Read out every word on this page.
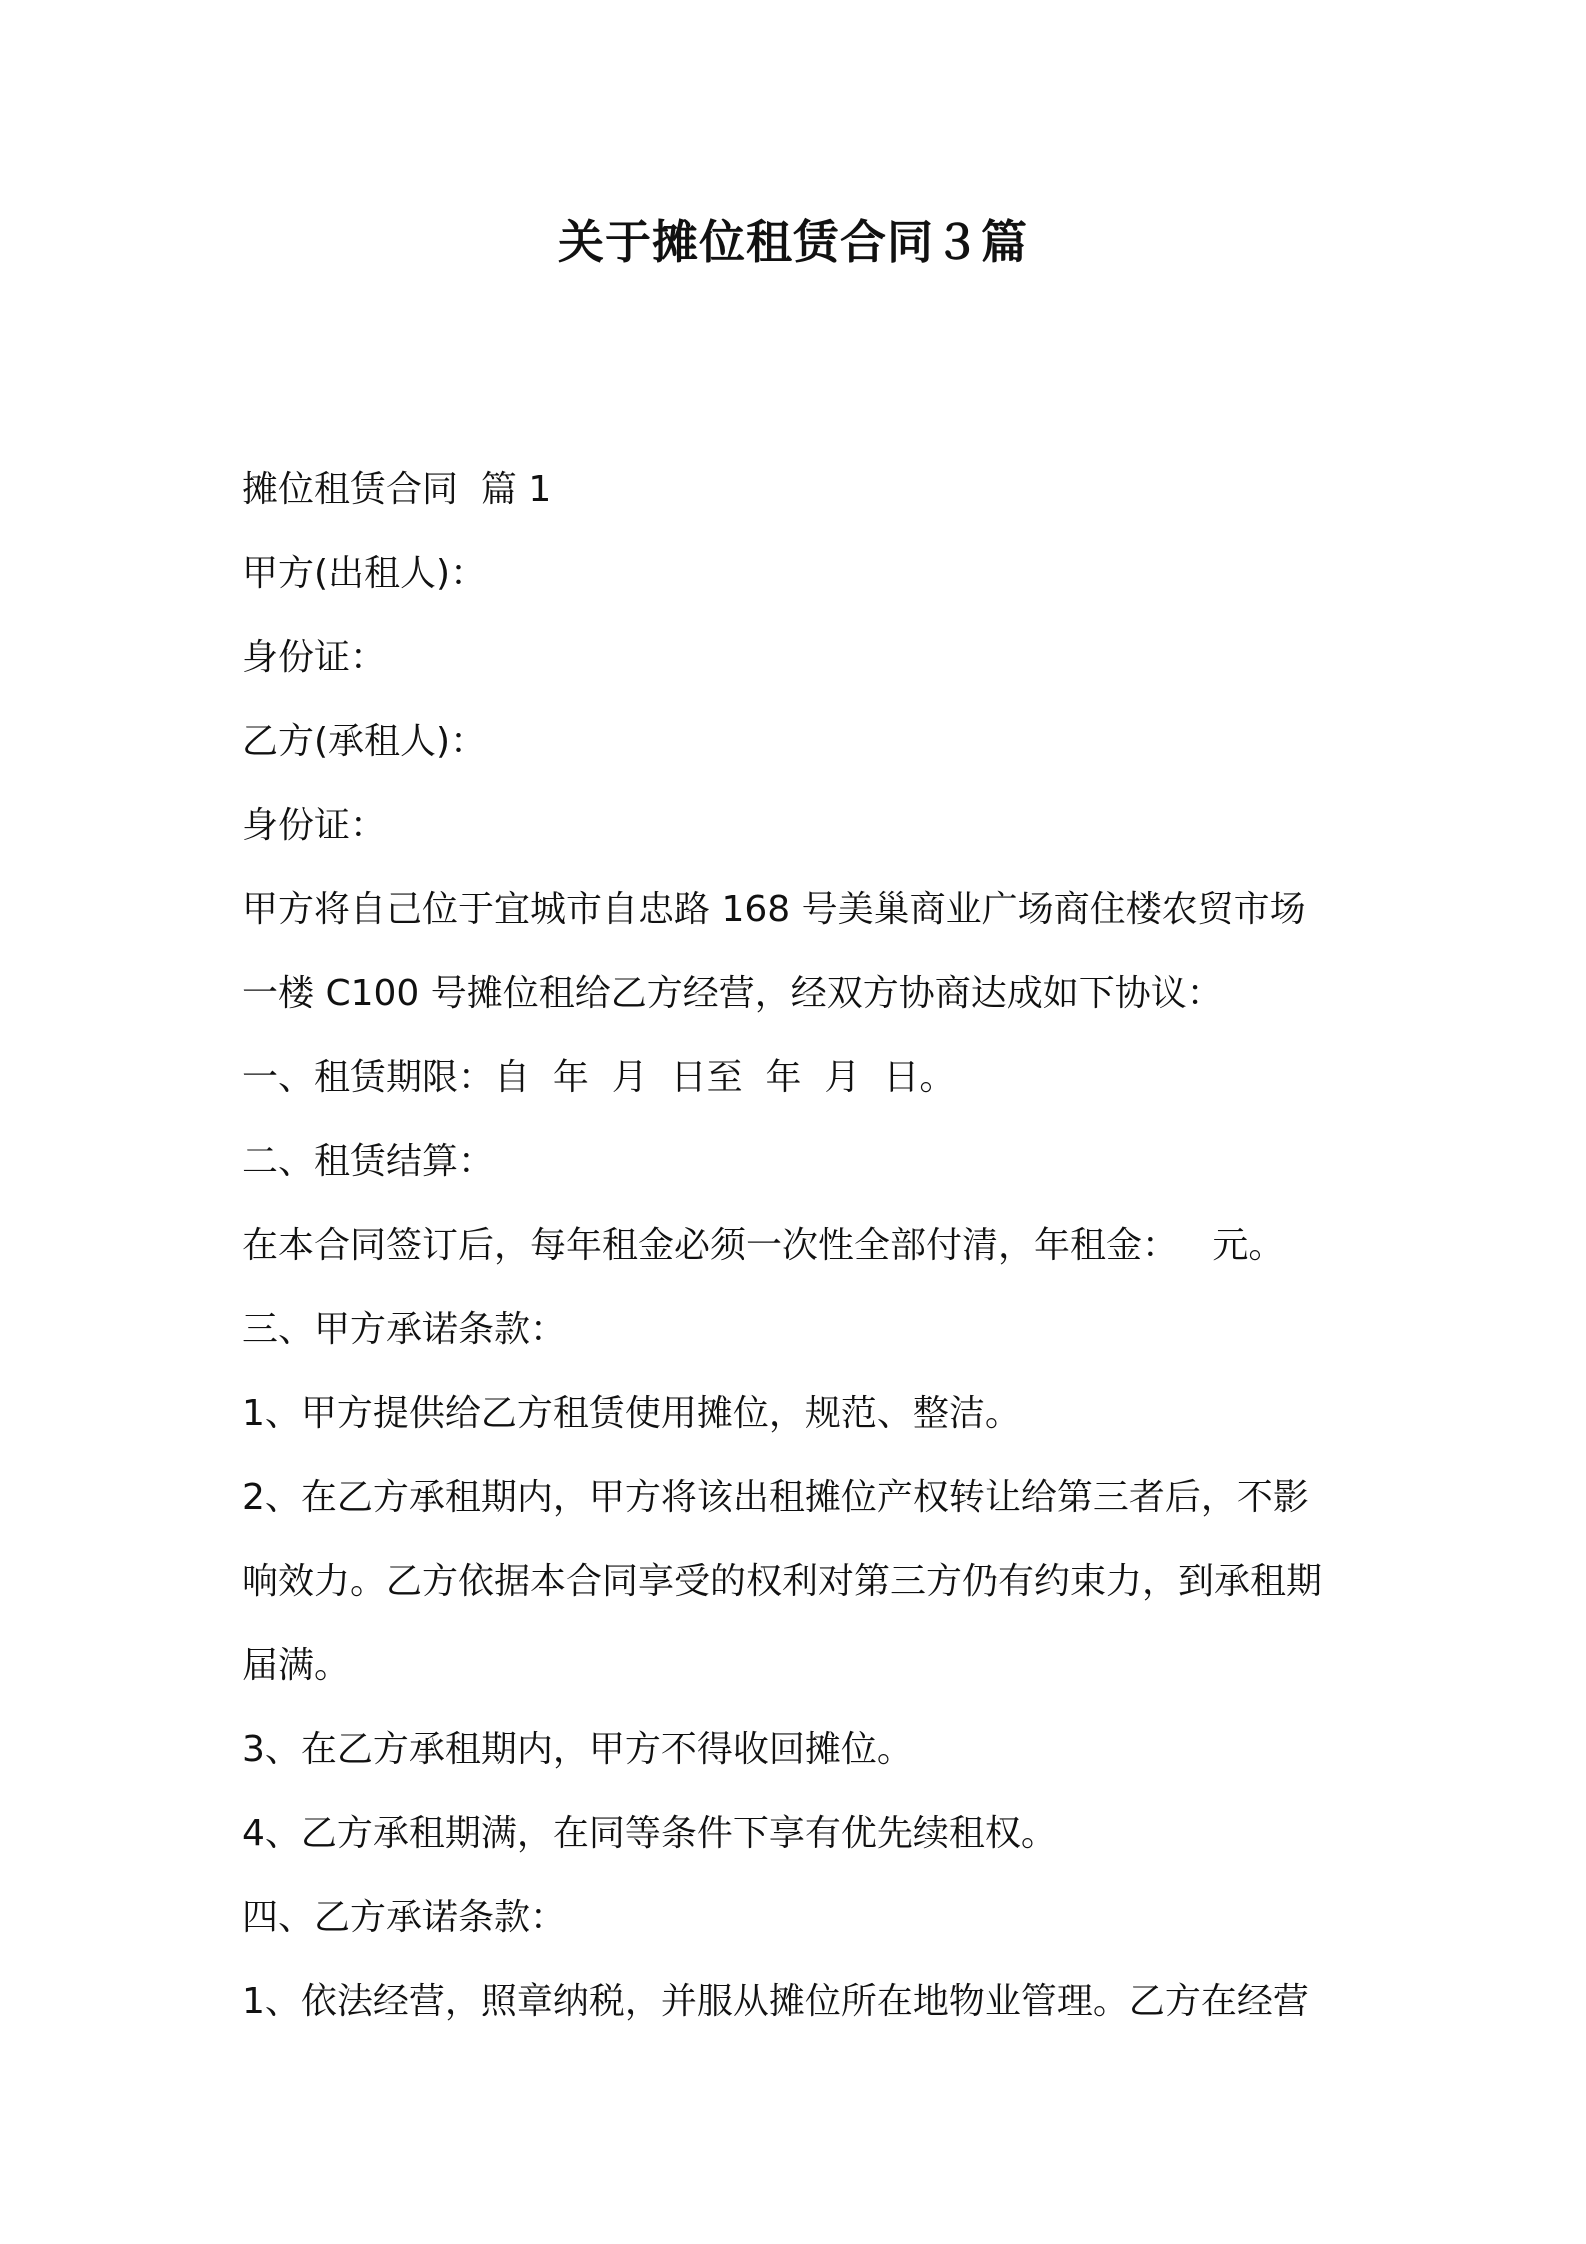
关于摊位租赁合同３篇
摊位租赁合同  篇 1
甲方(出租人)：
身份证：
乙方(承租人)：
身份证：
甲方将自己位于宜城市自忠路 168 号美巢商业广场商住楼农贸市场
一楼 C100 号摊位租给乙方经营，经双方协商达成如下协议：
一、租赁期限：自  年  月  日至  年  月  日。
二、租赁结算：
在本合同签订后，每年租金必须一次性全部付清，年租金：   元。
三、甲方承诺条款：
1、甲方提供给乙方租赁使用摊位，规范、整洁。
2、在乙方承租期内，甲方将该出租摊位产权转让给第三者后，不影
响效力。乙方依据本合同享受的权利对第三方仍有约束力，到承租期
届满。
3、在乙方承租期内，甲方不得收回摊位。
4、乙方承租期满，在同等条件下享有优先续租权。
四、乙方承诺条款：
1、依法经营，照章纳税，并服从摊位所在地物业管理。乙方在经营
